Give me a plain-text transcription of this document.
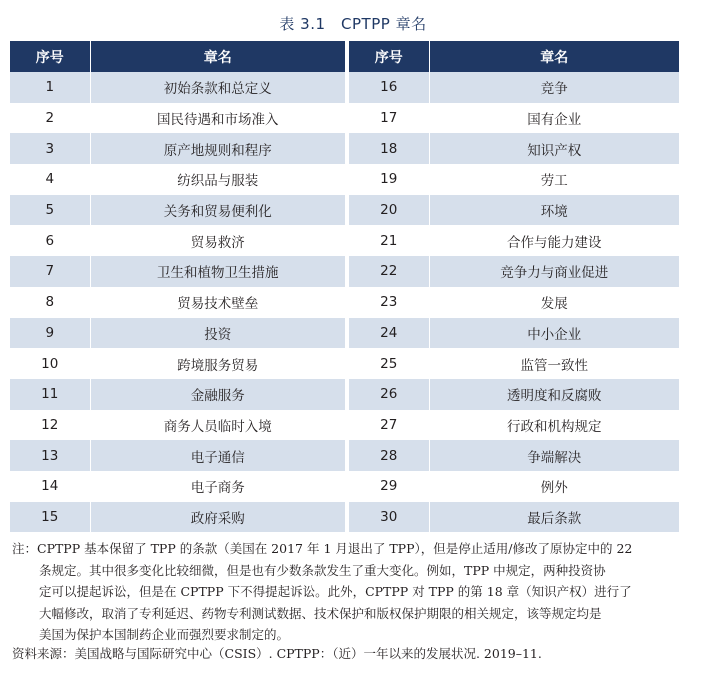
表 3.1　CPTPP 章名
序号	章名		序号	章名
1	初始条款和总定义		16	竞争
2	国民待遇和市场准入		17	国有企业
3	原产地规则和程序		18	知识产权
4	纺织品与服装		19	劳工
5	关务和贸易便利化		20	环境
6	贸易救济		21	合作与能力建设
7	卫生和植物卫生措施		22	竞争力与商业促进
8	贸易技术壁垒		23	发展
9	投资		24	中小企业
10	跨境服务贸易		25	监管一致性
11	金融服务		26	透明度和反腐败
12	商务人员临时入境		27	行政和机构规定
13	电子通信		28	争端解决
14	电子商务		29	例外
15	政府采购		30	最后条款
注：CPTPP 基本保留了 TPP 的条款（美国在 2017 年 1 月退出了 TPP），但是停止适用/修改了原协定中的 22
条规定。其中很多变化比较细微，但是也有少数条款发生了重大变化。例如，TPP 中规定，两种投资协
定可以提起诉讼，但是在 CPTPP 下不得提起诉讼。此外，CPTPP 对 TPP 的第 18 章（知识产权）进行了
大幅修改，取消了专利延迟、药物专利测试数据、技术保护和版权保护期限的相关规定，该等规定均是
美国为保护本国制药企业而强烈要求制定的。
资料来源：美国战略与国际研究中心（CSIS）. CPTPP：（近）一年以来的发展状况. 2019–11.
